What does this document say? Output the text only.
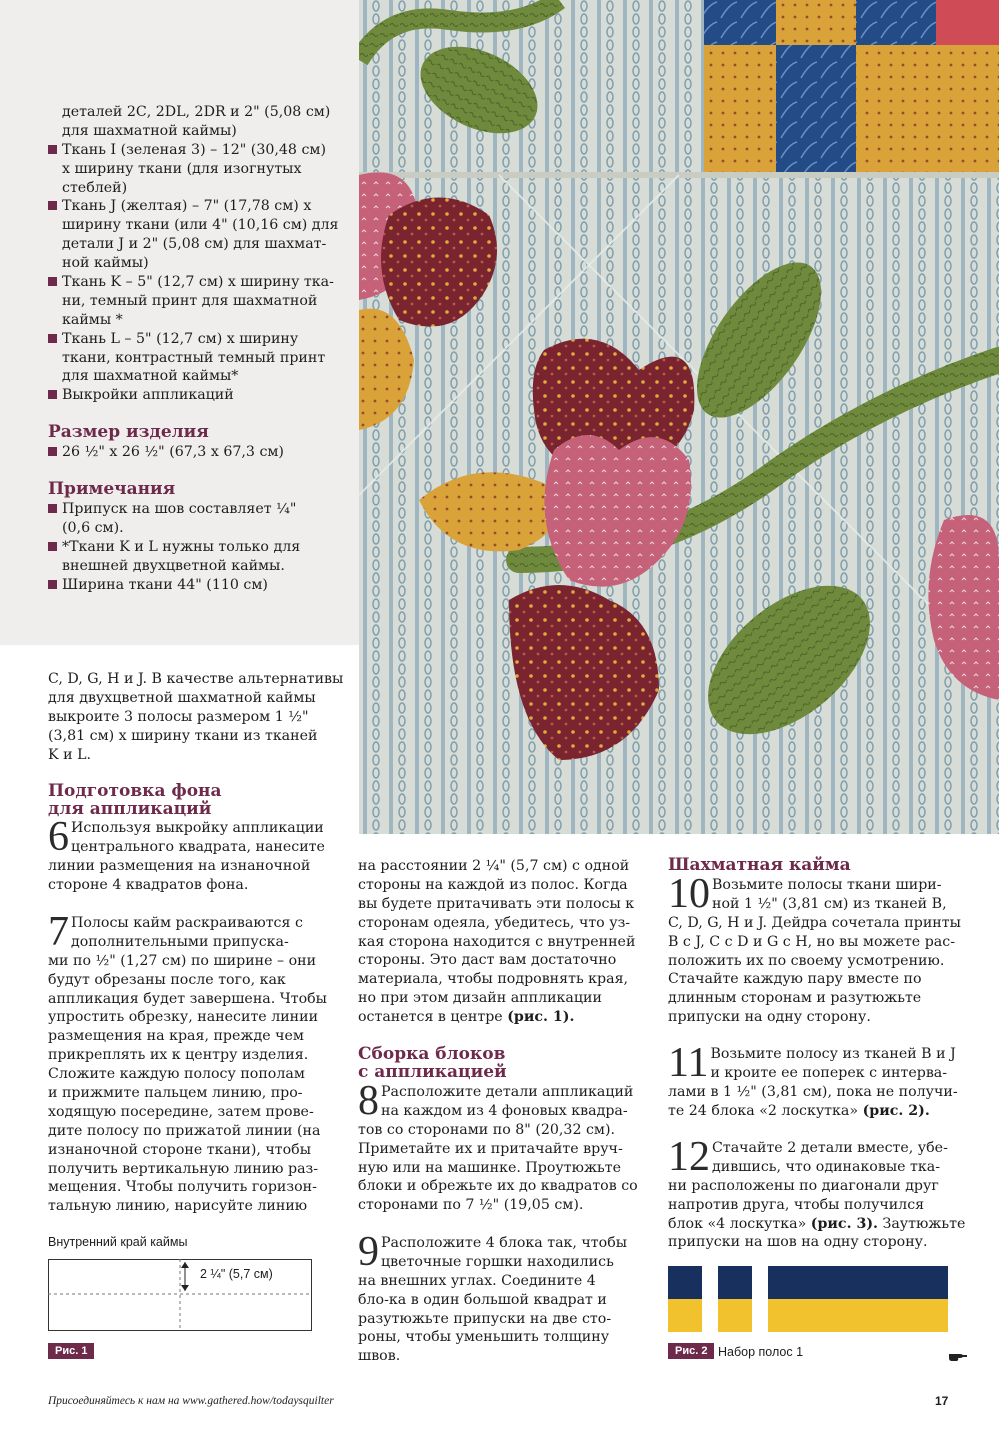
деталей 2С, 2DL, 2DR и 2" (5,08 см)
для шахматной каймы)
Ткань I (зеленая 3) – 12" (30,48 см)
х ширину ткани (для изогнутых
стеблей)
Ткань J (желтая) – 7" (17,78 см) х
ширину ткани (или 4" (10,16 см) для
детали J и 2" (5,08 см) для шахмат-
ной каймы)
Ткань K – 5" (12,7 см) х ширину тка-
ни, темный принт для шахматной
каймы *
Ткань L – 5" (12,7 см) х ширину
ткани, контрастный темный принт
для шахматной каймы*
Выкройки аппликаций
Размер изделия
26 ½" х 26 ½" (67,3 х 67,3 см)
Примечания
Припуск на шов составляет ¼"
(0,6 см).
*Ткани K и L нужны только для
внешней двухцветной каймы.
Ширина ткани 44" (110 см)
C, D, G, H и J. В качестве альтернативы
для двухцветной шахматной каймы
выкроите 3 полосы размером 1 ½"
(3,81 см) х ширину ткани из тканей
K и L.
Подготовка фона
для аппликаций
6 Используя выкройку аппликации
центрального квадрата, нанесите
линии размещения на изнаночной
стороне 4 квадратов фона.
7 Полосы кайм раскраиваются с
дополнительными припуска-
ми по ½" (1,27 см) по ширине – они
будут обрезаны после того, как
аппликация будет завершена. Чтобы
упростить обрезку, нанесите линии
размещения на края, прежде чем
прикреплять их к центру изделия.
Сложите каждую полосу пополам
и прижмите пальцем линию, про-
ходящую посередине, затем прове-
дите полосу по прижатой линии (на
изнаночной стороне ткани), чтобы
получить вертикальную линию раз-
мещения. Чтобы получить горизон-
тальную линию, нарисуйте линию
Внутренний край каймы
2 ¼" (5,7 см)
Рис. 1
на расстоянии 2 ¼" (5,7 см) с одной
стороны на каждой из полос. Когда
вы будете притачивать эти полосы к
сторонам одеяла, убедитесь, что уз-
кая сторона находится с внутренней
стороны. Это даст вам достаточно
материала, чтобы подровнять края,
но при этом дизайн аппликации
останется в центре (рис. 1).
Сборка блоков
с аппликацией
8 Расположите детали аппликаций
на каждом из 4 фоновых квадра-
тов со сторонами по 8" (20,32 см).
Приметайте их и притачайте вруч-
ную или на машинке. Проутюжьте
блоки и обрежьте их до квадратов со
сторонами по 7 ½" (19,05 см).
9 Расположите 4 блока так, чтобы
цветочные горшки находились
на внешних углах. Соедините 4
бло-ка в один большой квадрат и
разутюжьте припуски на две сто-
роны, чтобы уменьшить толщину
швов.
Шахматная кайма
10 Возьмите полосы ткани шири-
ной 1 ½" (3,81 см) из тканей B,
C, D, G, H и J. Дейдра сочетала принты
B с J, C с D и G с H, но вы можете рас-
положить их по своему усмотрению.
Стачайте каждую пару вместе по
длинным сторонам и разутюжьте
припуски на одну сторону.
11 Возьмите полосу из тканей B и J
и кроите ее поперек с интерва-
лами в 1 ½" (3,81 см), пока не получи-
те 24 блока «2 лоскутка» (рис. 2).
12 Стачайте 2 детали вместе, убе-
дившись, что одинаковые тка-
ни расположены по диагонали друг
напротив друга, чтобы получился
блок «4 лоскутка» (рис. 3). Заутюжьте
припуски на шов на одну сторону.
Рис. 2 Набор полос 1
Присоединяйтесь к нам на www.gathered.how/todaysquilter	17
